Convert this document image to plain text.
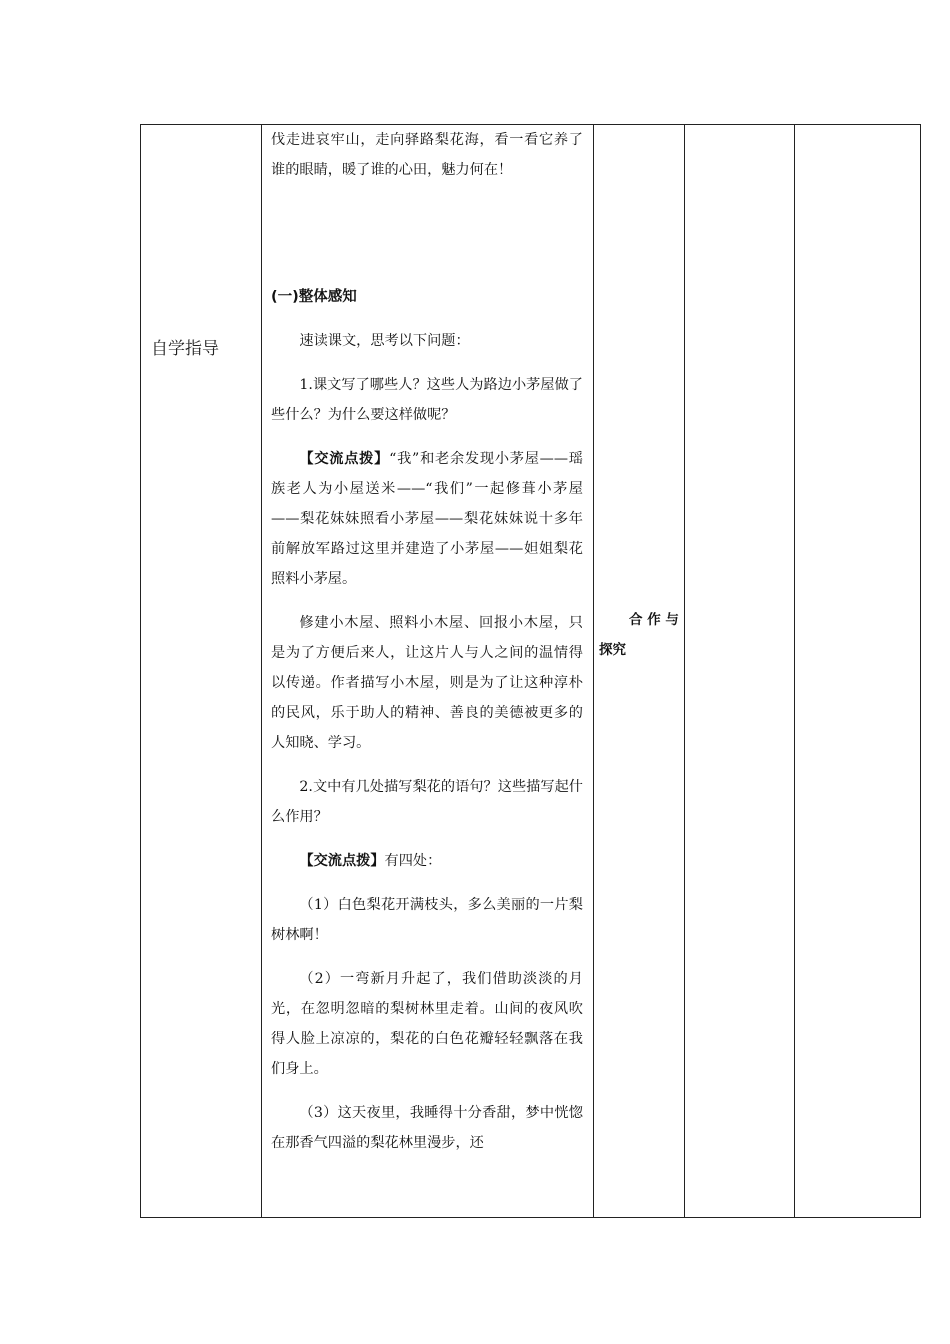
自学指导

伐走进哀牢山，走向驿路梨花海，看一看它养了谁的眼睛，暖了谁的心田，魅力何在！

(一)整体感知

速读课文，思考以下问题：

1.课文写了哪些人？这些人为路边小茅屋做了些什么？为什么要这样做呢？

【交流点拨】“我”和老余发现小茅屋——瑶族老人为小屋送米——“我们”一起修葺小茅屋——梨花妹妹照看小茅屋——梨花妹妹说十多年前解放军路过这里并建造了小茅屋——妲姐梨花照料小茅屋。

修建小木屋、照料小木屋、回报小木屋，只是为了方便后来人，让这片人与人之间的温情得以传递。作者描写小木屋，则是为了让这种淳朴的民风，乐于助人的精神、善良的美德被更多的人知晓、学习。

2.文中有几处描写梨花的语句？这些描写起什么作用？

【交流点拨】有四处：

（1）白色梨花开满枝头，多么美丽的一片梨树林啊！

（2）一弯新月升起了，我们借助淡淡的月光，在忽明忽暗的梨树林里走着。山间的夜风吹得人脸上凉凉的，梨花的白色花瓣轻轻飘落在我们身上。

（3）这天夜里，我睡得十分香甜，梦中恍惚在那香气四溢的梨花林里漫步，还

合 作 与
探究
